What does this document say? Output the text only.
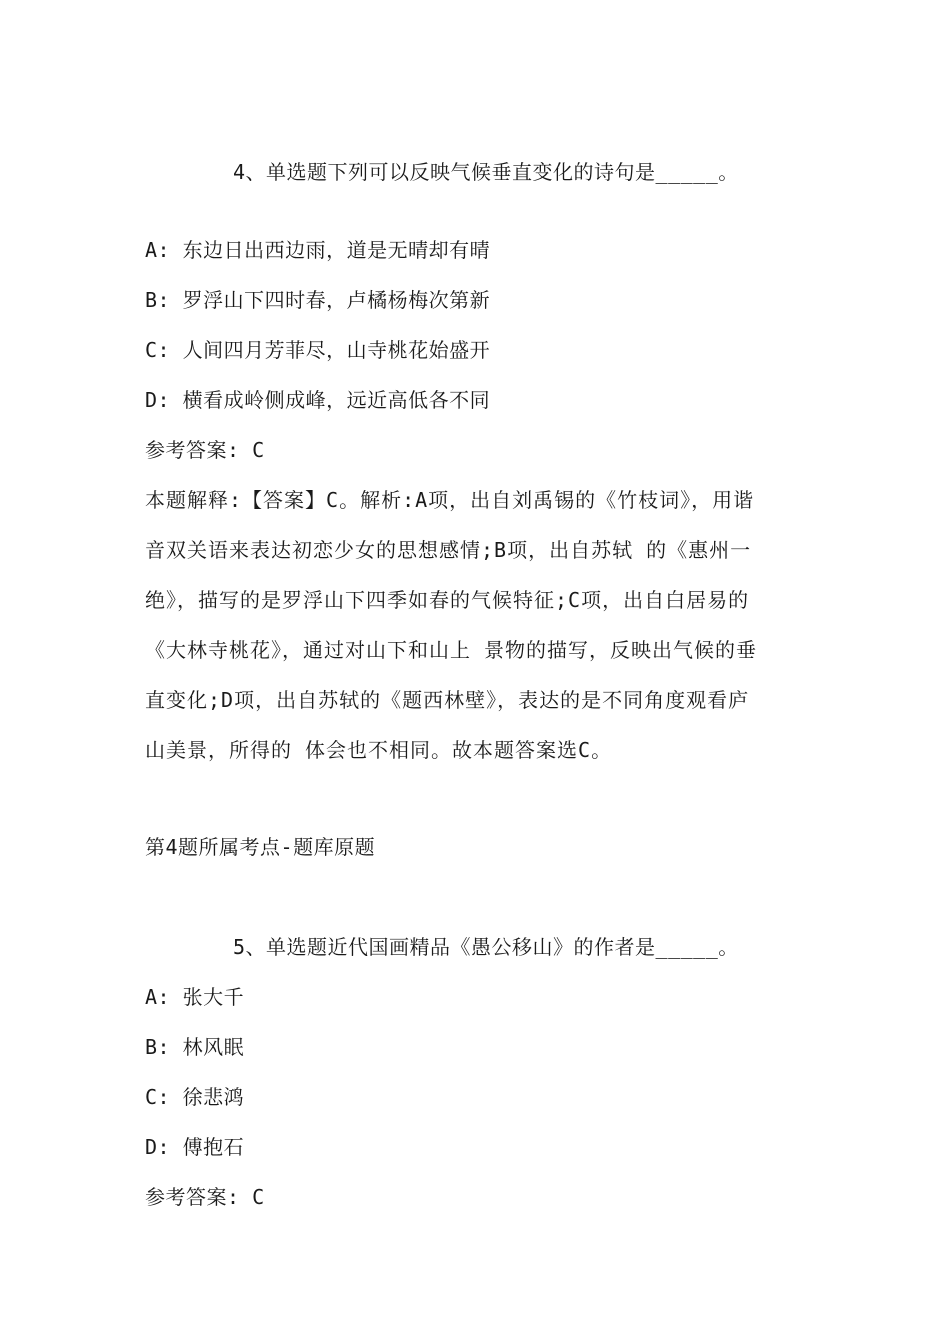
4、单选题下列可以反映气候垂直变化的诗句是_____。
A: 东边日出西边雨，道是无晴却有晴
B: 罗浮山下四时春，卢橘杨梅次第新
C: 人间四月芳菲尽，山寺桃花始盛开
D: 横看成岭侧成峰，远近高低各不同
参考答案: C
本题解释:【答案】C。解析:A项，出自刘禹锡的《竹枝词》，用谐
音双关语来表达初恋少女的思想感情;B项，出自苏轼 的《惠州一
绝》，描写的是罗浮山下四季如春的气候特征;C项，出自白居易的
《大林寺桃花》，通过对山下和山上 景物的描写，反映出气候的垂
直变化;D项，出自苏轼的《题西林壁》，表达的是不同角度观看庐
山美景，所得的 体会也不相同。故本题答案选C。
第4题所属考点-题库原题
5、单选题近代国画精品《愚公移山》的作者是_____。
A: 张大千
B: 林风眠
C: 徐悲鸿
D: 傅抱石
参考答案: C
